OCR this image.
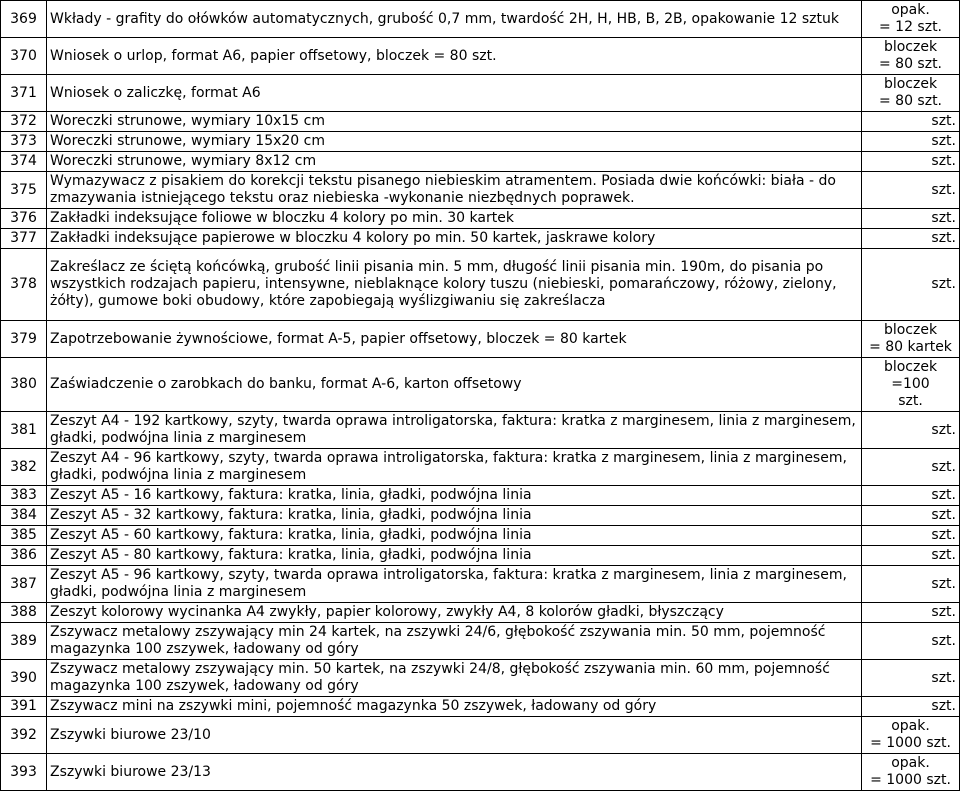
369	Wkłady - grafity do ołówków automatycznych, grubość 0,7 mm, twardość 2H, H, HB, B, 2B, opakowanie 12 sztuk	opak.
= 12 szt.

370	Wniosek o urlop, format A6, papier offsetowy, bloczek = 80 szt.	bloczek
= 80 szt.

371	Wniosek o zaliczkę, format A6	bloczek
= 80 szt.

372	Woreczki strunowe, wymiary 10x15 cm	szt.

373	Woreczki strunowe, wymiary 15x20 cm	szt.

374	Woreczki strunowe, wymiary 8x12 cm	szt.

375	Wymazywacz z pisakiem do korekcji tekstu pisanego niebieskim atramentem. Posiada dwie końcówki: biała - do zmazywania istniejącego tekstu oraz niebieska -wykonanie niezbędnych poprawek.	szt.

376	Zakładki indeksujące foliowe w bloczku 4 kolory po min. 30 kartek	szt.

377	Zakładki indeksujące papierowe w bloczku 4 kolory po min. 50 kartek, jaskrawe kolory	szt.

378	Zakreślacz ze ściętą końcówką, grubość linii pisania min. 5 mm, długość linii pisania min. 190m, do pisania po wszystkich rodzajach papieru, intensywne, nieblaknące kolory tuszu (niebieski, pomarańczowy, różowy, zielony, żółty), gumowe boki obudowy, które zapobiegają wyślizgiwaniu się zakreślacza	szt.

379	Zapotrzebowanie żywnościowe, format A-5, papier offsetowy, bloczek = 80 kartek	bloczek
= 80 kartek

380	Zaświadczenie o zarobkach do banku, format A-6, karton offsetowy	bloczek =100
szt.

381	Zeszyt A4 - 192 kartkowy, szyty, twarda oprawa introligatorska, faktura: kratka z marginesem, linia z marginesem, gładki, podwójna linia z marginesem	szt.

382	Zeszyt A4 - 96 kartkowy, szyty, twarda oprawa introligatorska, faktura: kratka z marginesem, linia z marginesem, gładki, podwójna linia z marginesem	szt.

383	Zeszyt A5 - 16 kartkowy, faktura: kratka, linia, gładki, podwójna linia	szt.

384	Zeszyt A5 - 32 kartkowy, faktura: kratka, linia, gładki, podwójna linia	szt.

385	Zeszyt A5 - 60 kartkowy, faktura: kratka, linia, gładki, podwójna linia	szt.

386	Zeszyt A5 - 80 kartkowy, faktura: kratka, linia, gładki, podwójna linia	szt.

387	Zeszyt A5 - 96 kartkowy, szyty, twarda oprawa introligatorska, faktura: kratka z marginesem, linia z marginesem, gładki, podwójna linia z marginesem	szt.

388	Zeszyt kolorowy wycinanka A4 zwykły, papier kolorowy, zwykły A4, 8 kolorów gładki, błyszczący	szt.

389	Zszywacz metalowy zszywający min 24 kartek, na zszywki 24/6, głębokość zszywania min. 50 mm, pojemność magazynka 100 zszywek, ładowany od góry	szt.

390	Zszywacz metalowy zszywający min. 50 kartek, na zszywki 24/8, głębokość zszywania min. 60 mm, pojemność magazynka 100 zszywek, ładowany od góry	szt.

391	Zszywacz mini na zszywki mini, pojemność magazynka 50 zszywek, ładowany od góry	szt.

392	Zszywki biurowe 23/10	opak.
= 1000 szt.

393	Zszywki biurowe 23/13	opak.
= 1000 szt.
